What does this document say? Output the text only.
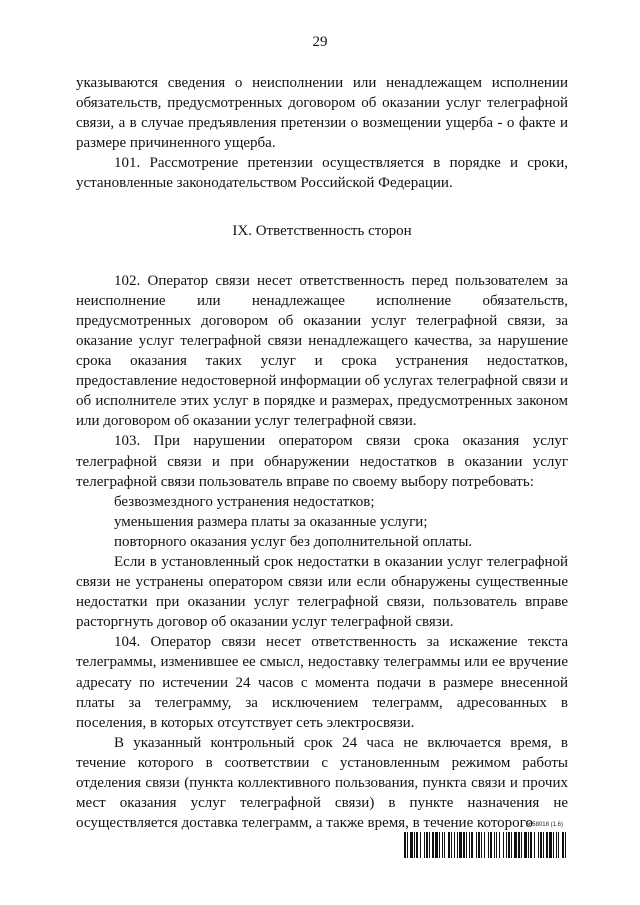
29

указываются сведения о неисполнении или ненадлежащем исполнении обязательств, предусмотренных договором об оказании услуг телеграфной связи, а в случае предъявления претензии о возмещении ущерба - о факте и размере причиненного ущерба.

101. Рассмотрение претензии осуществляется в порядке и сроки, установленные законодательством Российской Федерации.

IX. Ответственность сторон

102. Оператор связи несет ответственность перед пользователем за неисполнение или ненадлежащее исполнение обязательств, предусмотренных договором об оказании услуг телеграфной связи, за оказание услуг телеграфной связи ненадлежащего качества, за нарушение срока оказания таких услуг и срока устранения недостатков, предоставление недостоверной информации об услугах телеграфной связи и об исполнителе этих услуг в порядке и размерах, предусмотренных законом или договором об оказании услуг телеграфной связи.

103. При нарушении оператором связи срока оказания услуг телеграфной связи и при обнаружении недостатков в оказании услуг телеграфной связи пользователь вправе по своему выбору потребовать:

безвозмездного устранения недостатков;

уменьшения размера платы за оказанные услуги;

повторного оказания услуг без дополнительной оплаты.

Если в установленный срок недостатки в оказании услуг телеграфной связи не устранены оператором связи или если обнаружены существенные недостатки при оказании услуг телеграфной связи, пользователь вправе расторгнуть договор об оказании услуг телеграфной связи.

104. Оператор связи несет ответственность за искажение текста телеграммы, изменившее ее смысл, недоставку телеграммы или ее вручение адресату по истечении 24 часов с момента подачи в размере внесенной платы за телеграмму, за исключением телеграмм, адресованных в поселения, в которых отсутствует сеть электросвязи.

В указанный контрольный срок 24 часа не включается время, в течение которого в соответствии с установленным режимом работы отделения связи (пункта коллективного пользования, пункта связи и прочих мест оказания услуг телеграфной связи) в пункте назначения не осуществляется доставка телеграмм, а также время, в течение которого

5658018 (1.6)
